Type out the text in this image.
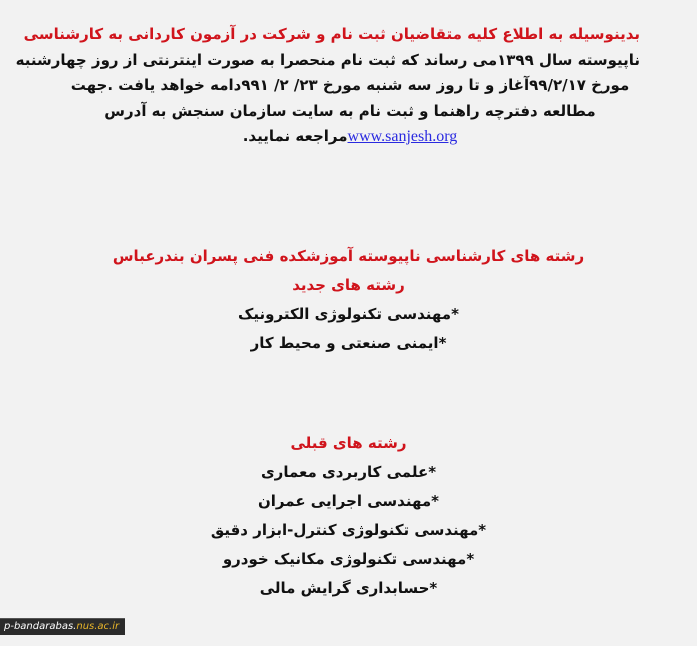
بدینوسیله به اطلاع کلیه متقاضیان ثبت نام و شرکت در آزمون کاردانی به کارشناسی

ناپیوسته سال ۱۳۹۹می رساند که ثبت نام منحصرا به صورت اینترنتی از روز چهارشنبه

مورخ ۹۹/۲/۱۷آغاز و تا روز سه شنبه مورخ ۲۳/ ۲/ ۹۹۱دامه خواهد یافت .جهت

مطالعه دفترچه راهنما و ثبت نام به سایت سازمان سنجش به آدرس

www.sanjesh.orgمراجعه نمایید.

رشته های کارشناسی ناپیوسته آموزشکده فنی پسران بندرعباس

رشته های جدید

*مهندسی تکنولوژی الکترونیک

*ایمنی صنعتی و محیط کار

رشته های قبلی

*علمی کاربردی معماری

*مهندسی اجرایی عمران

*مهندسی تکنولوژی کنترل-ابزار دقیق

*مهندسی تکنولوژی مکانیک خودرو

*حسابداری گرایش مالی

p-bandarabas.nus.ac.ir
